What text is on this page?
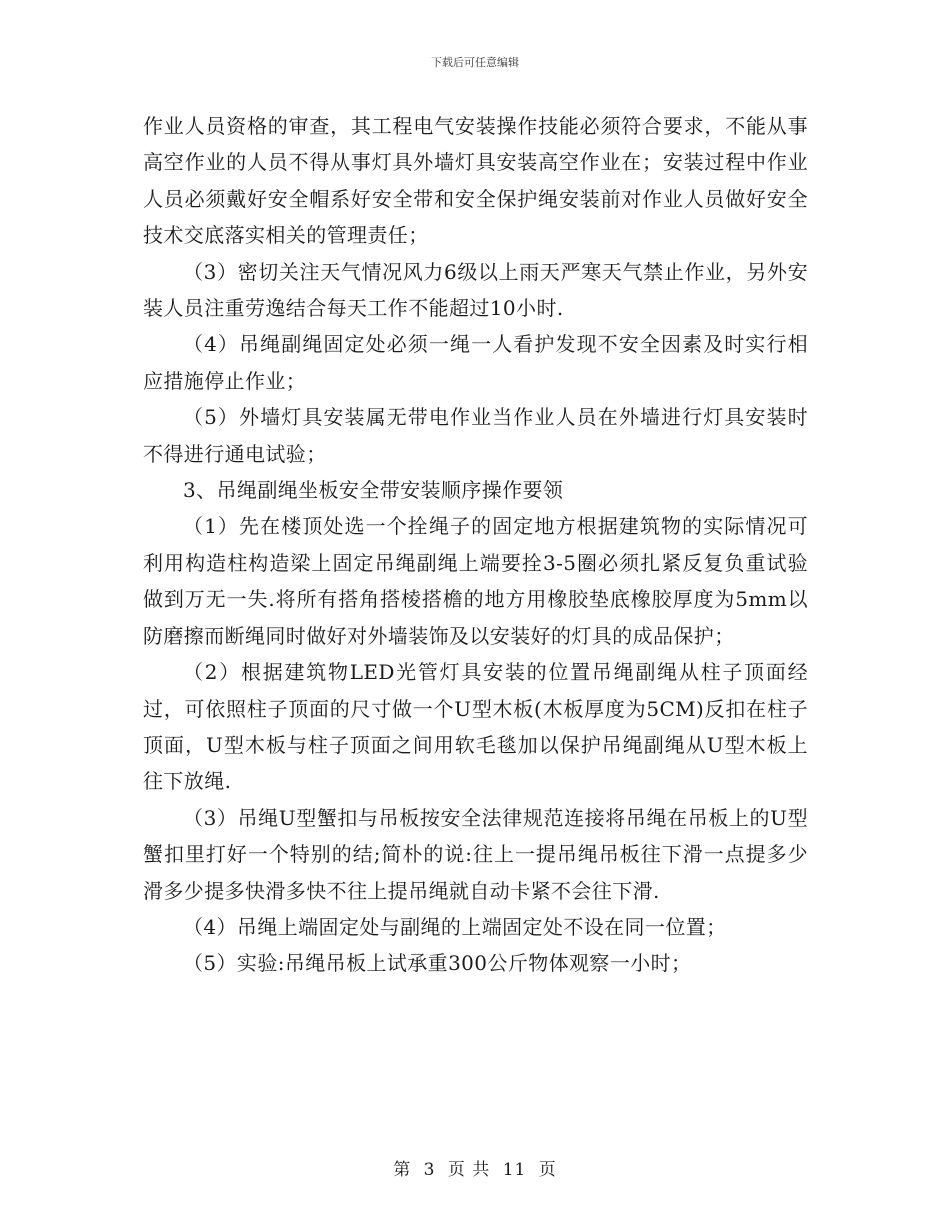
下载后可任意编辑

作业人员资格的审查，其工程电气安装操作技能必须符合要求，不能从事高空作业的人员不得从事灯具外墙灯具安装高空作业在；安装过程中作业人员必须戴好安全帽系好安全带和安全保护绳安装前对作业人员做好安全技术交底落实相关的管理责任；

（3）密切关注天气情况风力6级以上雨天严寒天气禁止作业，另外安装人员注重劳逸结合每天工作不能超过10小时.

（4）吊绳副绳固定处必须一绳一人看护发现不安全因素及时实行相应措施停止作业；

（5）外墙灯具安装属无带电作业当作业人员在外墙进行灯具安装时不得进行通电试验；

3、吊绳副绳坐板安全带安装顺序操作要领

（1）先在楼顶处选一个拴绳子的固定地方根据建筑物的实际情况可利用构造柱构造梁上固定吊绳副绳上端要拴3-5圈必须扎紧反复负重试验做到万无一失.将所有搭角搭棱搭檐的地方用橡胶垫底橡胶厚度为5mm以防磨擦而断绳同时做好对外墙装饰及以安装好的灯具的成品保护；

（2）根据建筑物LED光管灯具安装的位置吊绳副绳从柱子顶面经过，可依照柱子顶面的尺寸做一个U型木板(木板厚度为5CM)反扣在柱子顶面，U型木板与柱子顶面之间用软毛毯加以保护吊绳副绳从U型木板上往下放绳.

（3）吊绳U型蟹扣与吊板按安全法律规范连接将吊绳在吊板上的U型蟹扣里打好一个特别的结;简朴的说:往上一提吊绳吊板往下滑一点提多少滑多少提多快滑多快不往上提吊绳就自动卡紧不会往下滑.

（4）吊绳上端固定处与副绳的上端固定处不设在同一位置；

（5）实验:吊绳吊板上试承重300公斤物体观察一小时；

第 3 页 共 11 页
